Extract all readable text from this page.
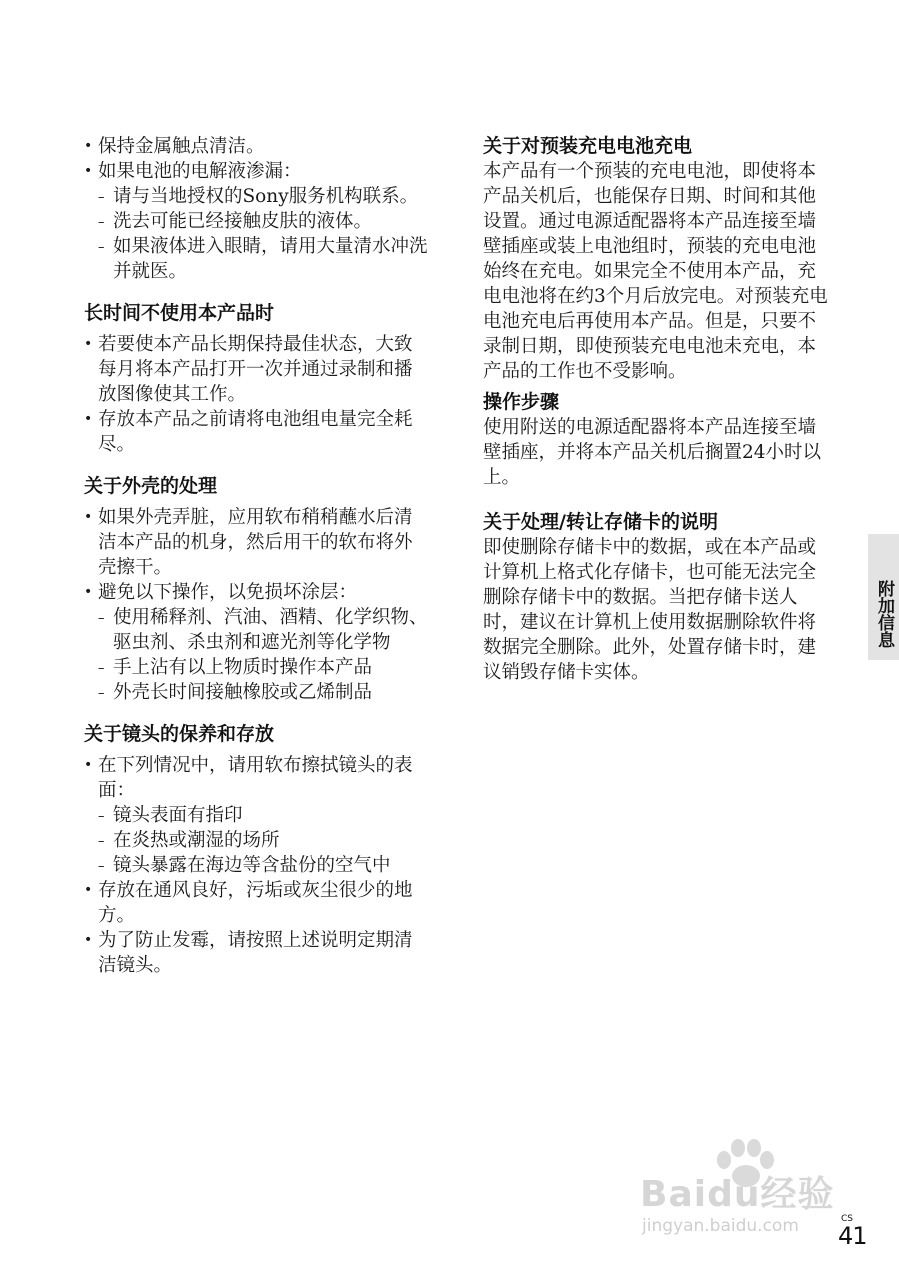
• 保持金属触点清洁。
• 如果电池的电解液渗漏：
– 请与当地授权的Sony服务机构联系。
– 洗去可能已经接触皮肤的液体。
– 如果液体进入眼睛，请用大量清水冲洗并就医。
长时间不使用本产品时
• 若要使本产品长期保持最佳状态，大致每月将本产品打开一次并通过录制和播放图像使其工作。
• 存放本产品之前请将电池组电量完全耗尽。
关于外壳的处理
• 如果外壳弄脏，应用软布稍稍蘸水后清洁本产品的机身，然后用干的软布将外壳擦干。
• 避免以下操作，以免损坏涂层：
– 使用稀释剂、汽油、酒精、化学织物、驱虫剂、杀虫剂和遮光剂等化学物
– 手上沾有以上物质时操作本产品
– 外壳长时间接触橡胶或乙烯制品
关于镜头的保养和存放
• 在下列情况中，请用软布擦拭镜头的表面：
– 镜头表面有指印
– 在炎热或潮湿的场所
– 镜头暴露在海边等含盐份的空气中
• 存放在通风良好，污垢或灰尘很少的地方。
• 为了防止发霉，请按照上述说明定期清洁镜头。
关于对预装充电电池充电

本产品有一个预装的充电电池，即使将本产品关机后，也能保存日期、时间和其他设置。通过电源适配器将本产品连接至墙壁插座或装上电池组时，预装的充电电池始终在充电。如果完全不使用本产品，充电电池将在约3个月后放完电。对预装充电电池充电后再使用本产品。但是，只要不录制日期，即使预装充电电池未充电，本产品的工作也不受影响。

操作步骤

使用附送的电源适配器将本产品连接至墙壁插座，并将本产品关机后搁置24小时以上。

关于处理/转让存储卡的说明

即使删除存储卡中的数据，或在本产品或计算机上格式化存储卡，也可能无法完全删除存储卡中的数据。当把存储卡送人时，建议在计算机上使用数据删除软件将数据完全删除。此外，处置存储卡时，建议销毁存储卡实体。

附加信息
Baidu经验
jingyan.baidu.com	CS
41
